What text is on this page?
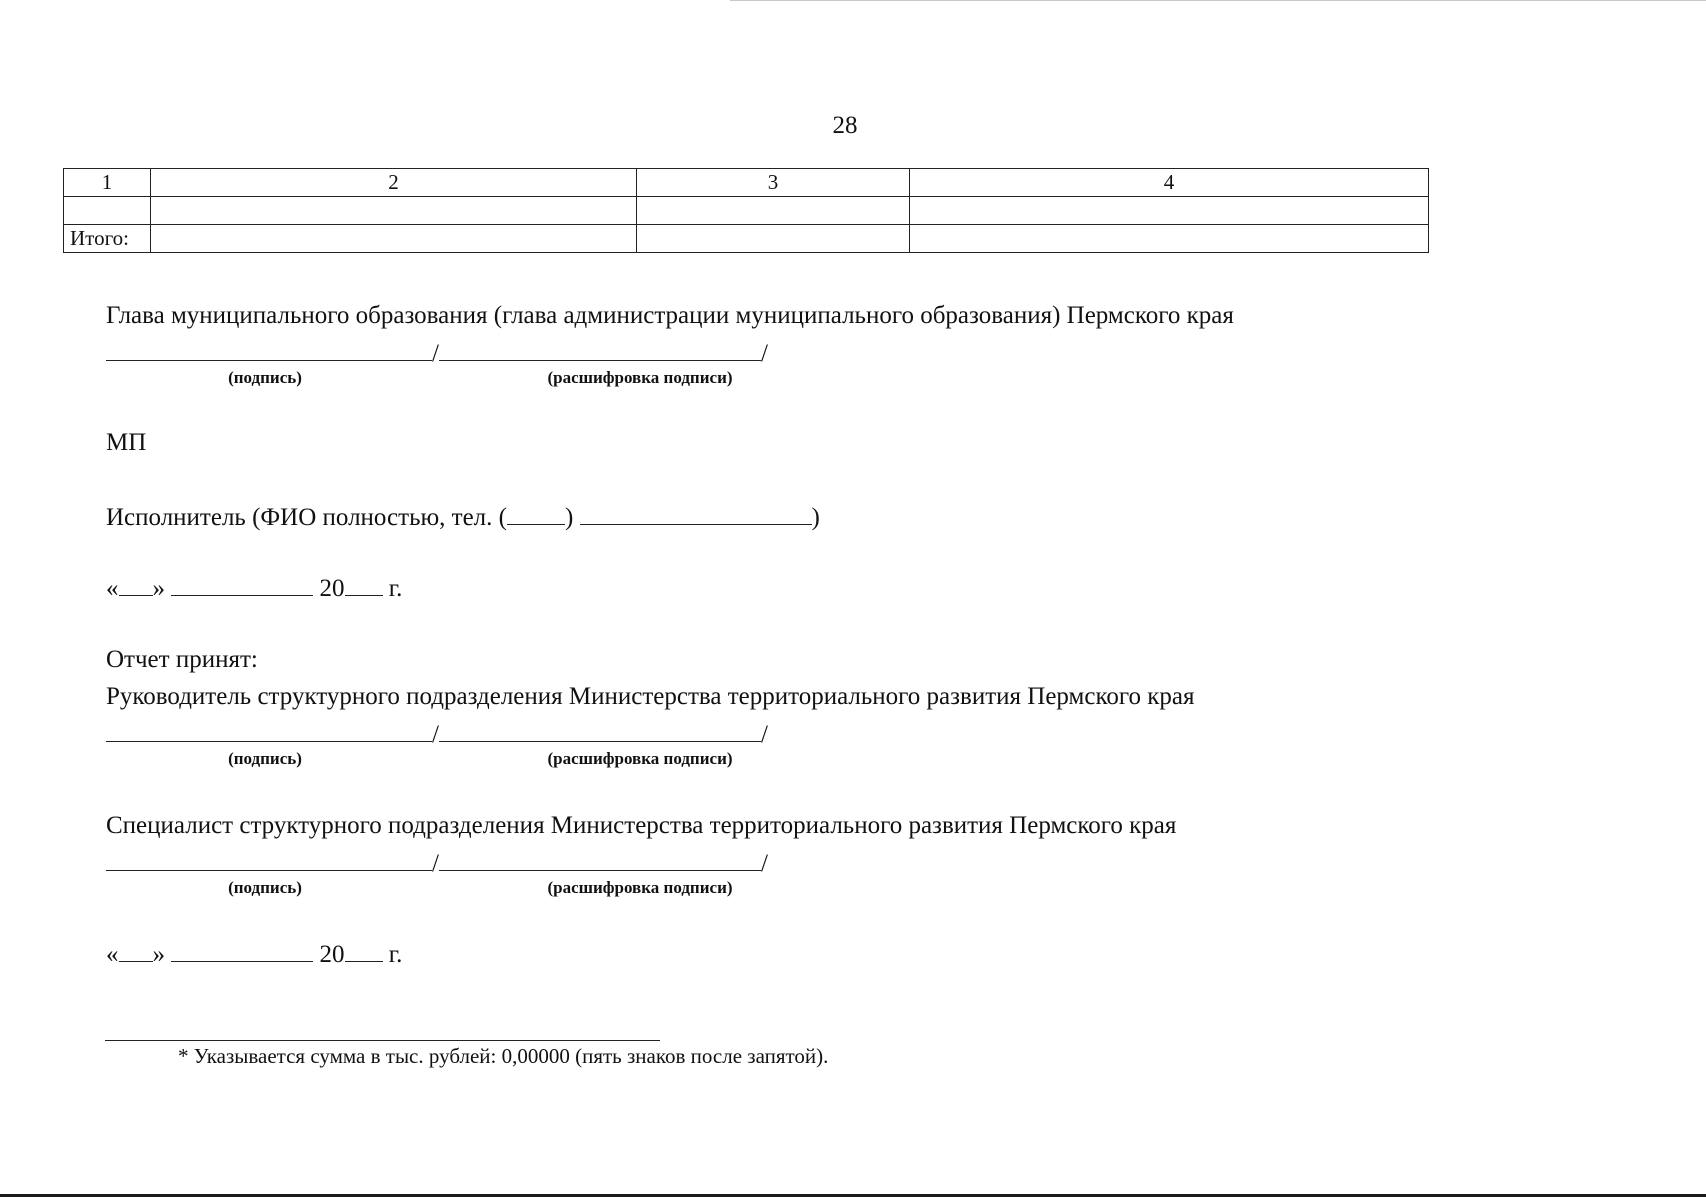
28
1	2	3	4

Итого:			
Глава муниципального образования (глава администрации муниципального образования) Пермского края
/	/
(подпись)	(расшифровка подписи)
МП
Исполнитель (ФИО полностью, тел. ( )	)
« »	20 г.
Отчет принят:
Руководитель структурного подразделения Министерства территориального развития Пермского края
/	/
(подпись)	(расшифровка подписи)
Специалист структурного подразделения Министерства территориального развития Пермского края
/	/
(подпись)	(расшифровка подписи)
« »	20 г.
* Указывается сумма в тыс. рублей: 0,00000 (пять знаков после запятой).
